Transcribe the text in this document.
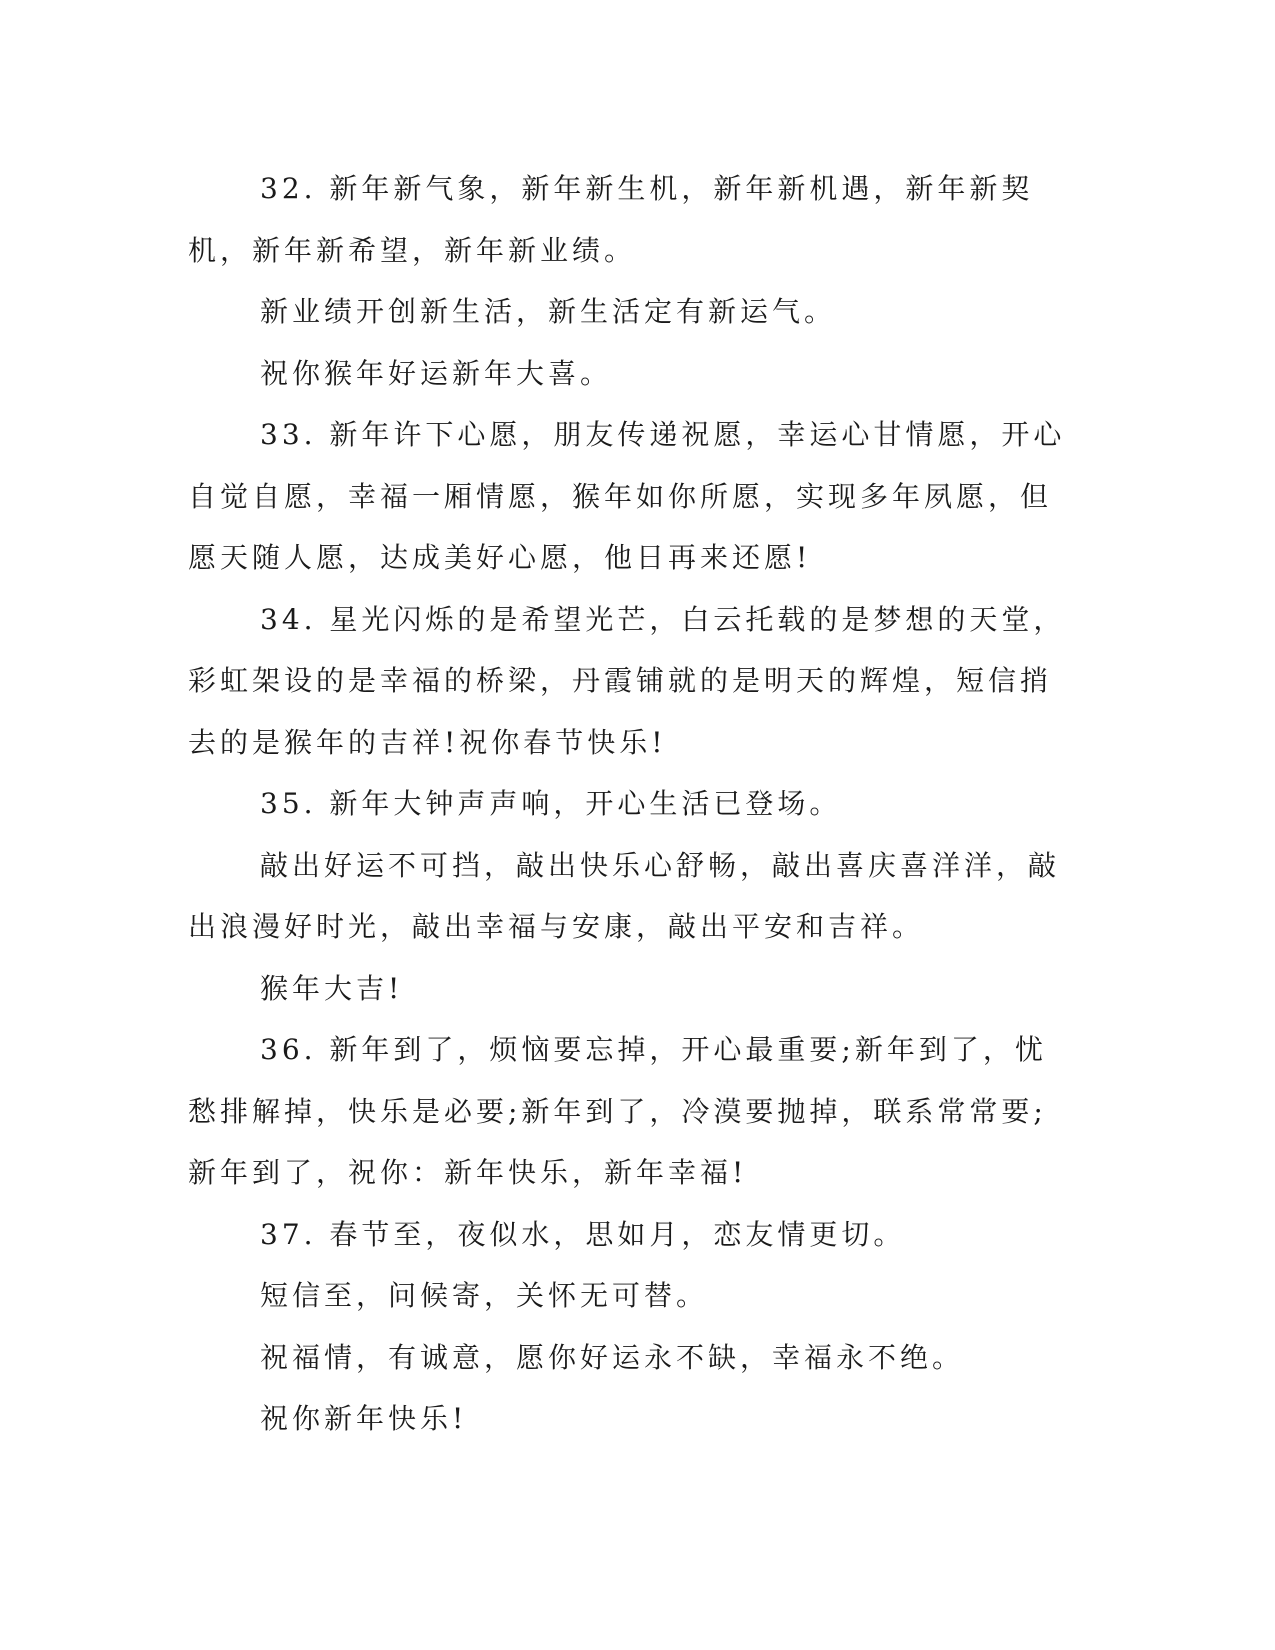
32. 新年新气象，新年新生机，新年新机遇，新年新契机，新年新希望，新年新业绩。

新业绩开创新生活，新生活定有新运气。

祝你猴年好运新年大喜。

33. 新年许下心愿，朋友传递祝愿，幸运心甘情愿，开心自觉自愿，幸福一厢情愿，猴年如你所愿，实现多年夙愿，但愿天随人愿，达成美好心愿，他日再来还愿!

34. 星光闪烁的是希望光芒，白云托载的是梦想的天堂，彩虹架设的是幸福的桥梁，丹霞铺就的是明天的辉煌，短信捎去的是猴年的吉祥!祝你春节快乐!

35. 新年大钟声声响，开心生活已登场。

敲出好运不可挡，敲出快乐心舒畅，敲出喜庆喜洋洋，敲出浪漫好时光，敲出幸福与安康，敲出平安和吉祥。

猴年大吉!

36. 新年到了，烦恼要忘掉，开心最重要;新年到了，忧愁排解掉，快乐是必要;新年到了，冷漠要抛掉，联系常常要;新年到了，祝你：新年快乐，新年幸福!

37. 春节至，夜似水，思如月，恋友情更切。

短信至，问候寄，关怀无可替。

祝福情，有诚意，愿你好运永不缺，幸福永不绝。

祝你新年快乐!
